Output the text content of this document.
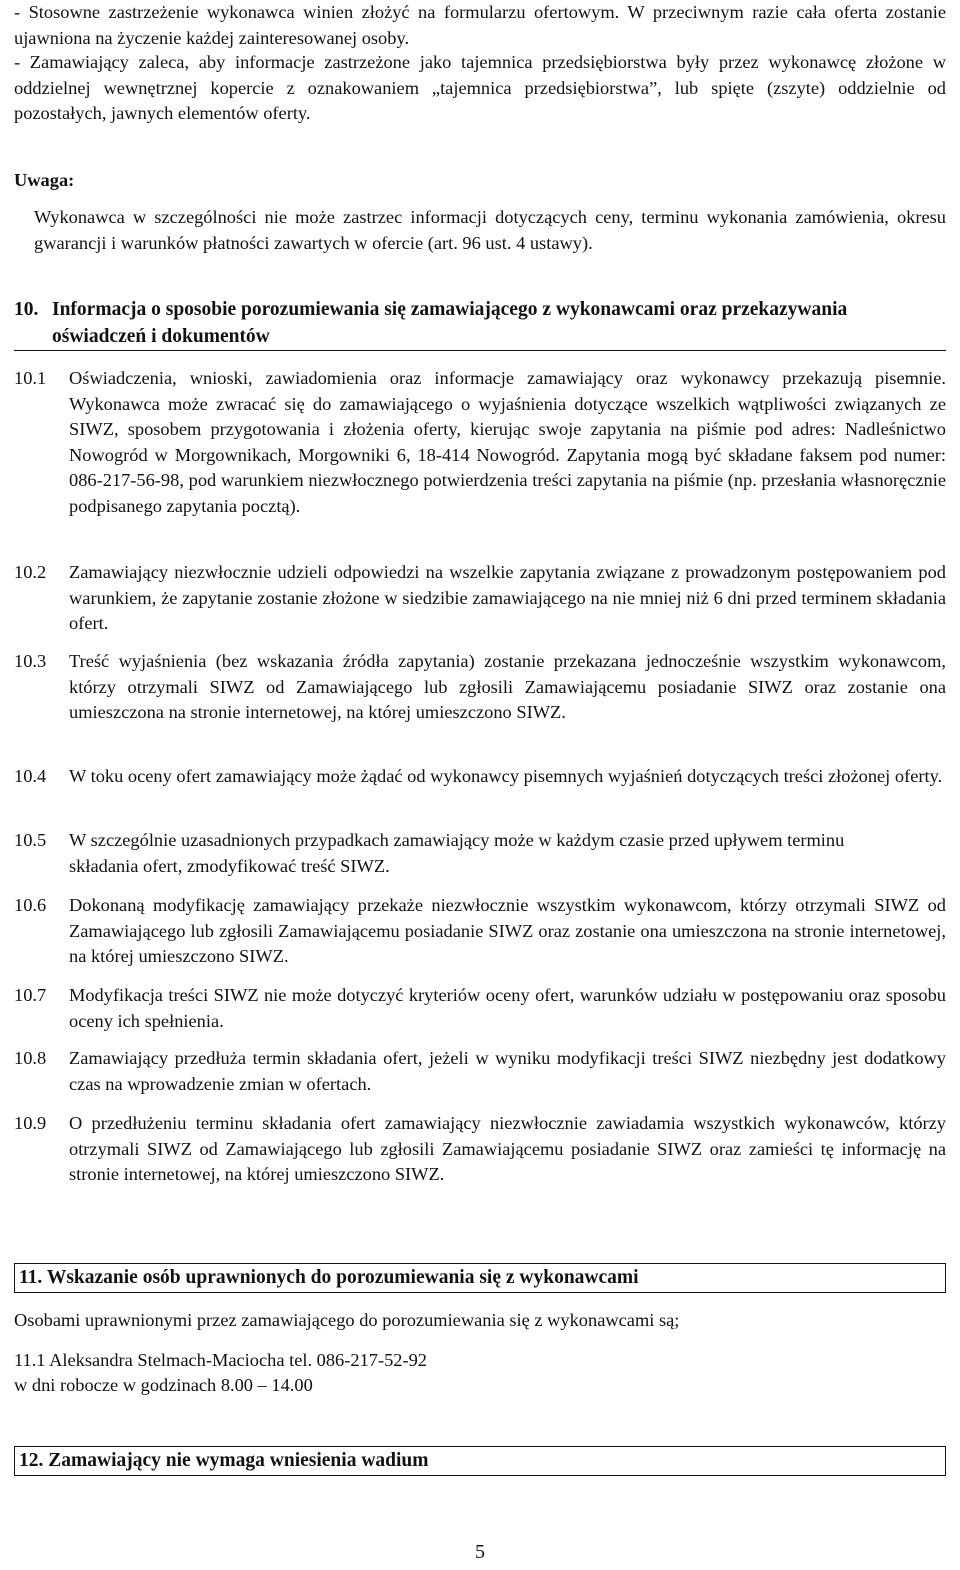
- Stosowne zastrzeżenie wykonawca winien złożyć na formularzu ofertowym. W przeciwnym razie cała oferta zostanie ujawniona na życzenie każdej zainteresowanej osoby.
- Zamawiający zaleca, aby informacje zastrzeżone jako tajemnica przedsiębiorstwa były przez wykonawcę złożone w oddzielnej wewnętrznej kopercie z oznakowaniem „tajemnica przedsiębiorstwa”, lub spięte (zszyte) oddzielnie od pozostałych, jawnych elementów oferty.
Uwaga:
Wykonawca w szczególności nie może zastrzec informacji dotyczących ceny, terminu wykonania zamówienia, okresu gwarancji i warunków płatności zawartych w ofercie (art. 96 ust. 4 ustawy).
10. Informacja o sposobie porozumiewania się zamawiającego z wykonawcami oraz przekazywania oświadczeń i dokumentów
10.1 Oświadczenia, wnioski, zawiadomienia oraz informacje zamawiający oraz wykonawcy przekazują pisemnie. Wykonawca może zwracać się do zamawiającego o wyjaśnienia dotyczące wszelkich wątpliwości związanych ze SIWZ, sposobem przygotowania i złożenia oferty, kierując swoje zapytania na piśmie pod adres: Nadleśnictwo Nowogród w Morgownikach, Morgowniki 6, 18-414 Nowogród. Zapytania mogą być składane faksem pod numer: 086-217-56-98, pod warunkiem niezwłocznego potwierdzenia treści zapytania na piśmie (np. przesłania własnoręcznie podpisanego zapytania pocztą).
10.2 Zamawiający niezwłocznie udzieli odpowiedzi na wszelkie zapytania związane z prowadzonym postępowaniem pod warunkiem, że zapytanie zostanie złożone w siedzibie zamawiającego na nie mniej niż 6 dni przed terminem składania ofert.
10.3 Treść wyjaśnienia (bez wskazania źródła zapytania) zostanie przekazana jednocześnie wszystkim wykonawcom, którzy otrzymali SIWZ od Zamawiającego lub zgłosili Zamawiającemu posiadanie SIWZ oraz zostanie ona umieszczona na stronie internetowej, na której umieszczono SIWZ.
10.4 W toku oceny ofert zamawiający może żądać od wykonawcy pisemnych wyjaśnień dotyczących treści złożonej oferty.
10.5 W szczególnie uzasadnionych przypadkach zamawiający może w każdym czasie przed upływem terminu składania ofert, zmodyfikować treść SIWZ.
10.6 Dokonaną modyfikację zamawiający przekaże niezwłocznie wszystkim wykonawcom, którzy otrzymali SIWZ od Zamawiającego lub zgłosili Zamawiającemu posiadanie SIWZ oraz zostanie ona umieszczona na stronie internetowej, na której umieszczono SIWZ.
10.7 Modyfikacja treści SIWZ nie może dotyczyć kryteriów oceny ofert, warunków udziału w postępowaniu oraz sposobu oceny ich spełnienia.
10.8 Zamawiający przedłuża termin składania ofert, jeżeli w wyniku modyfikacji treści SIWZ niezbędny jest dodatkowy czas na wprowadzenie zmian w ofertach.
10.9 O przedłużeniu terminu składania ofert zamawiający niezwłocznie zawiadamia wszystkich wykonawców, którzy otrzymali SIWZ od Zamawiającego lub zgłosili Zamawiającemu posiadanie SIWZ oraz zamieści tę informację na stronie internetowej, na której umieszczono SIWZ.
11. Wskazanie osób uprawnionych do porozumiewania się z wykonawcami
Osobami uprawnionymi przez zamawiającego do porozumiewania się z wykonawcami są;
11.1 Aleksandra Stelmach-Maciocha tel. 086-217-52-92
w dni robocze w godzinach 8.00 – 14.00
12. Zamawiający nie wymaga wniesienia wadium
5
